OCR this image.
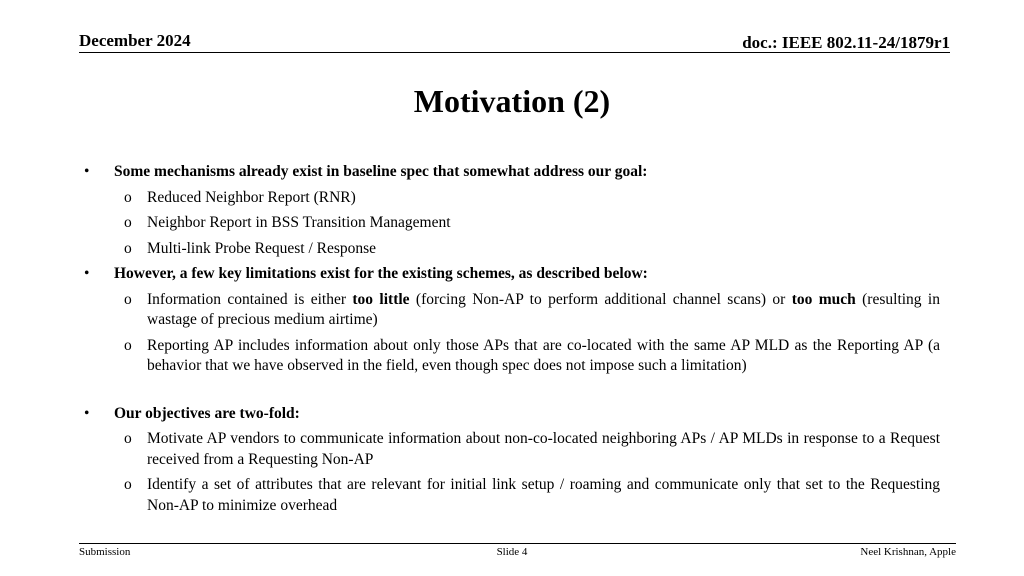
December 2024	doc.: IEEE 802.11-24/1879r1
Motivation (2)
• Some mechanisms already exist in baseline spec that somewhat address our goal:
o Reduced Neighbor Report (RNR)
o Neighbor Report in BSS Transition Management
o Multi-link Probe Request / Response
• However, a few key limitations exist for the existing schemes, as described below:
o Information contained is either too little (forcing Non-AP to perform additional channel scans) or too much (resulting in wastage of precious medium airtime)
o Reporting AP includes information about only those APs that are co-located with the same AP MLD as the Reporting AP (a behavior that we have observed in the field, even though spec does not impose such a limitation)
• Our objectives are two-fold:
o Motivate AP vendors to communicate information about non-co-located neighboring APs / AP MLDs in response to a Request received from a Requesting Non-AP
o Identify a set of attributes that are relevant for initial link setup / roaming and communicate only that set to the Requesting Non-AP to minimize overhead
Submission	Slide 4	Neel Krishnan, Apple
